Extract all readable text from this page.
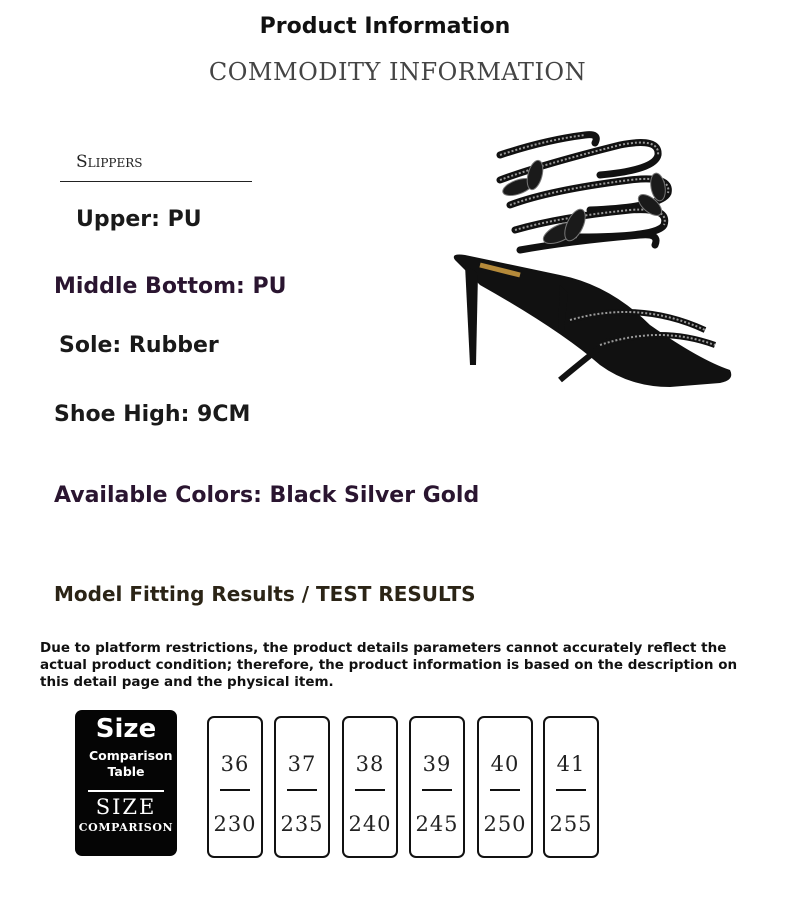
Product Information
COMMODITY INFORMATION
Slippers
Upper: PU
Middle Bottom: PU
Sole: Rubber
Shoe High: 9CM
Available Colors: Black Silver Gold
Model Fitting Results / TEST RESULTS
Due to platform restrictions, the product details parameters cannot accurately reflect the actual product condition; therefore, the product information is based on the description on this detail page and the physical item.
Size
Comparison Table
SIZE
COMPARISON
36
230
37
235
38
240
39
245
40
250
41
255
